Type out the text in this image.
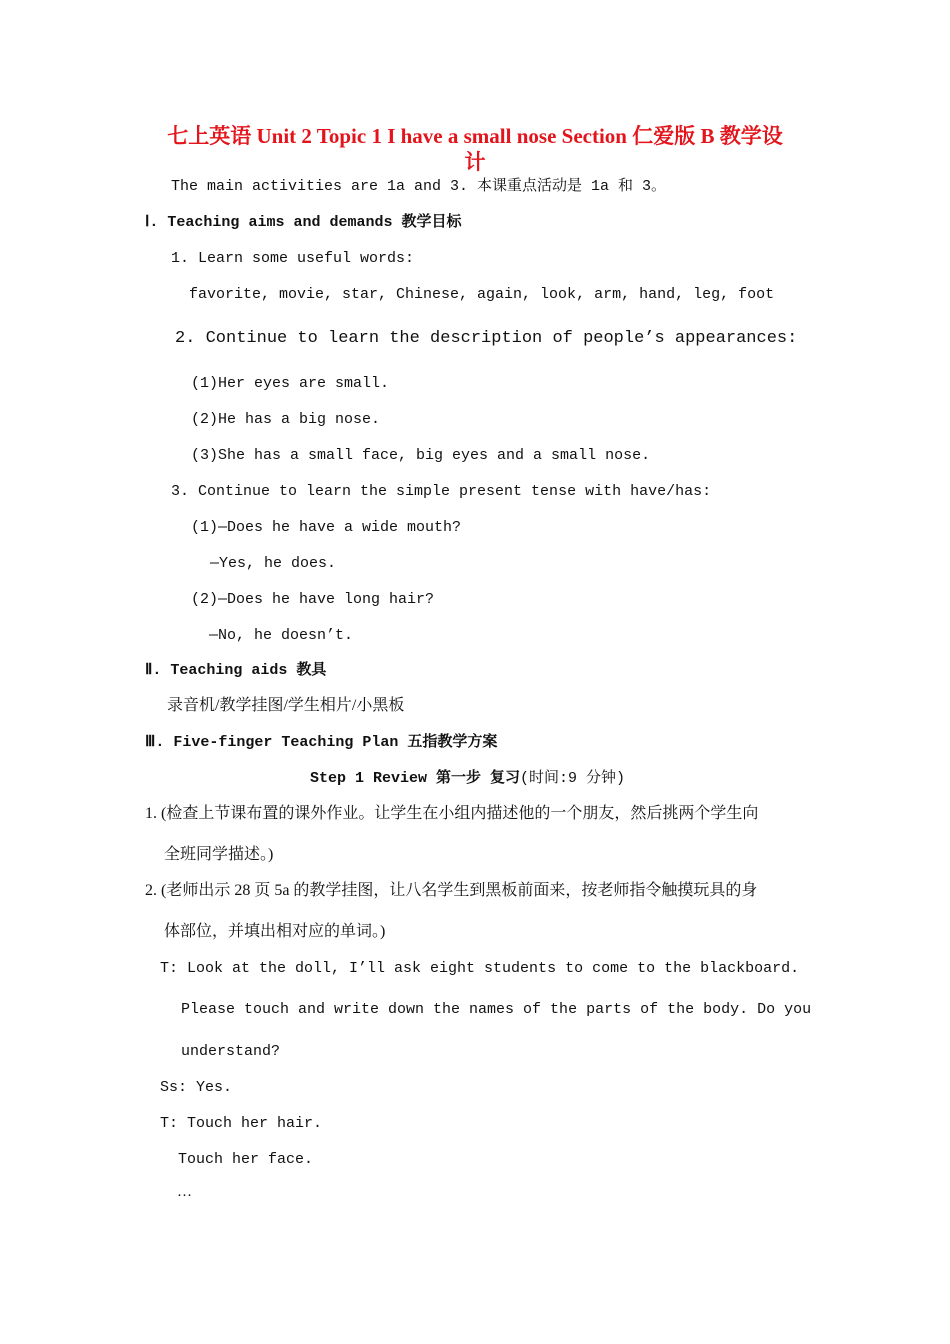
七上英语 Unit 2 Topic 1 I have a small nose Section 仁爱版 B 教学设
计
The main activities are 1a and 3. 本课重点活动是 1a 和 3。
Ⅰ. Teaching aims and demands 教学目标
1. Learn some useful words:
favorite, movie, star, Chinese, again, look, arm, hand, leg, foot
2. Continue to learn the description of people’s appearances:
(1)Her eyes are small.
(2)He has a big nose.
(3)She has a small face, big eyes and a small nose.
3. Continue to learn the simple present tense with have/has:
(1)—Does he have a wide mouth?
—Yes, he does.
(2)—Does he have long hair?
—No, he doesn’t.
Ⅱ. Teaching aids 教具
录音机/教学挂图/学生相片/小黑板
Ⅲ. Five-finger Teaching Plan 五指教学方案
Step 1 Review 第一步 复习(时间:9 分钟)
1. (检查上节课布置的课外作业。让学生在小组内描述他的一个朋友，然后挑两个学生向
全班同学描述。)
2. (老师出示 28 页 5a 的教学挂图，让八名学生到黑板前面来，按老师指令触摸玩具的身
体部位，并填出相对应的单词。)
T: Look at the doll, I’ll ask eight students to come to the blackboard.
Please touch and write down the names of the parts of the body. Do you
understand?
Ss: Yes.
T: Touch her hair.
Touch her face.
…
